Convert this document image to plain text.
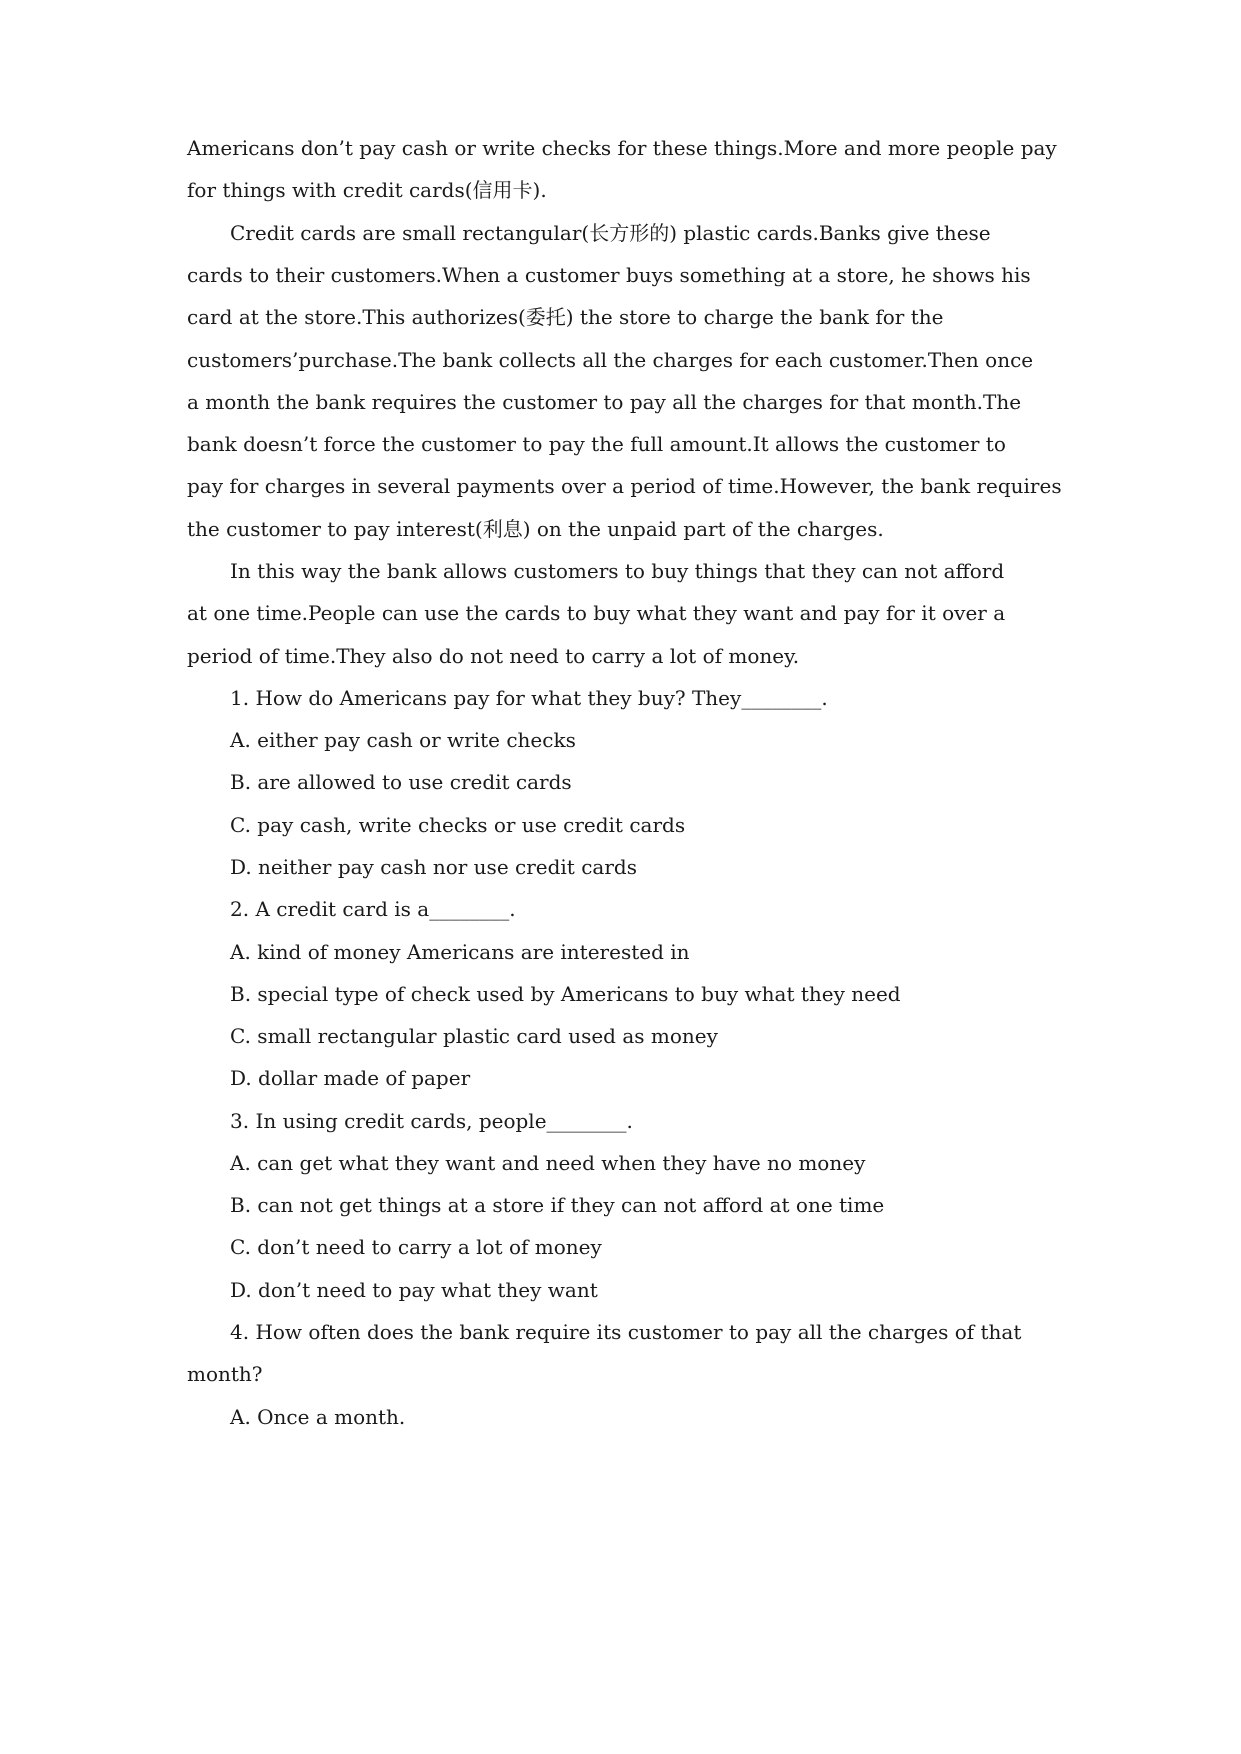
Americans don’t pay cash or write checks for these things.More and more people pay
for things with credit cards(信用卡).
Credit cards are small rectangular(长方形的) plastic cards.Banks give these
cards to their customers.When a customer buys something at a store, he shows his
card at the store.This authorizes(委托) the store to charge the bank for the
customers’purchase.The bank collects all the charges for each customer.Then once
a month the bank requires the customer to pay all the charges for that month.The
bank doesn’t force the customer to pay the full amount.It allows the customer to
pay for charges in several payments over a period of time.However, the bank requires
the customer to pay interest(利息) on the unpaid part of the charges.
In this way the bank allows customers to buy things that they can not afford
at one time.People can use the cards to buy what they want and pay for it over a
period of time.They also do not need to carry a lot of money.
1. How do Americans pay for what they buy? They________.
A. either pay cash or write checks
B. are allowed to use credit cards
C. pay cash, write checks or use credit cards
D. neither pay cash nor use credit cards
2. A credit card is a________.
A. kind of money Americans are interested in
B. special type of check used by Americans to buy what they need
C. small rectangular plastic card used as money
D. dollar made of paper
3. In using credit cards, people________.
A. can get what they want and need when they have no money
B. can not get things at a store if they can not afford at one time
C. don’t need to carry a lot of money
D. don’t need to pay what they want
4. How often does the bank require its customer to pay all the charges of that
month?
A. Once a month.
